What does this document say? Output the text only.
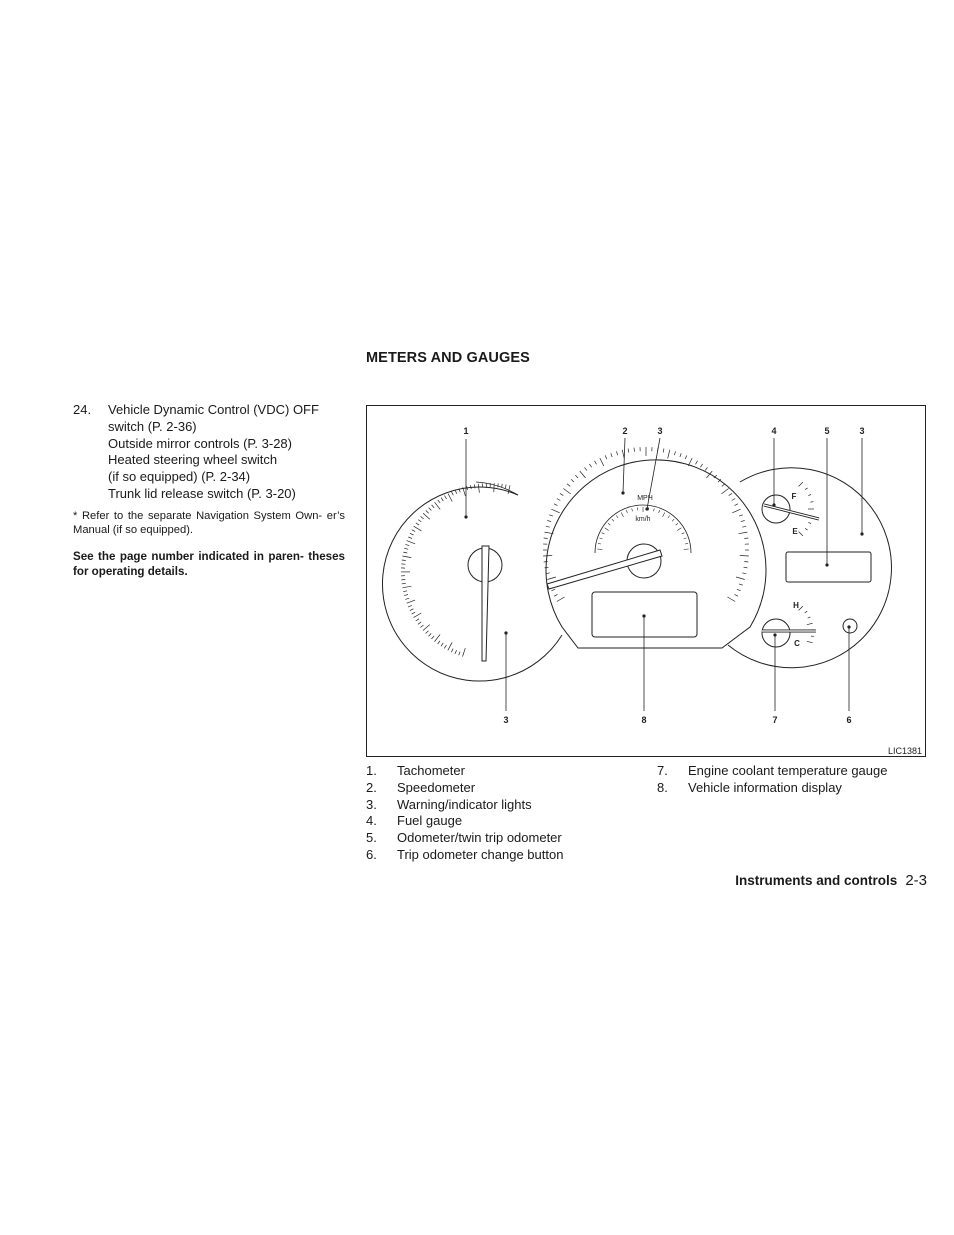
24. Vehicle Dynamic Control (VDC) OFF
switch (P. 2-36)
Outside mirror controls (P. 3-28)
Heated steering wheel switch
(if so equipped) (P. 2-34)
Trunk lid release switch (P. 3-20)
* Refer to the separate Navigation System Own- er’s Manual (if so equipped).
See the page number indicated in paren- theses for operating details.
METERS AND GAUGES
MPH
km/h
F
E
H
C
1	2	3	4	5	3
3	8	7	6
LIC1381
1. Tachometer
2. Speedometer
3. Warning/indicator lights
4. Fuel gauge
5. Odometer/twin trip odometer
6. Trip odometer change button
7. Engine coolant temperature gauge
8. Vehicle information display
Instruments and controls 2-3
